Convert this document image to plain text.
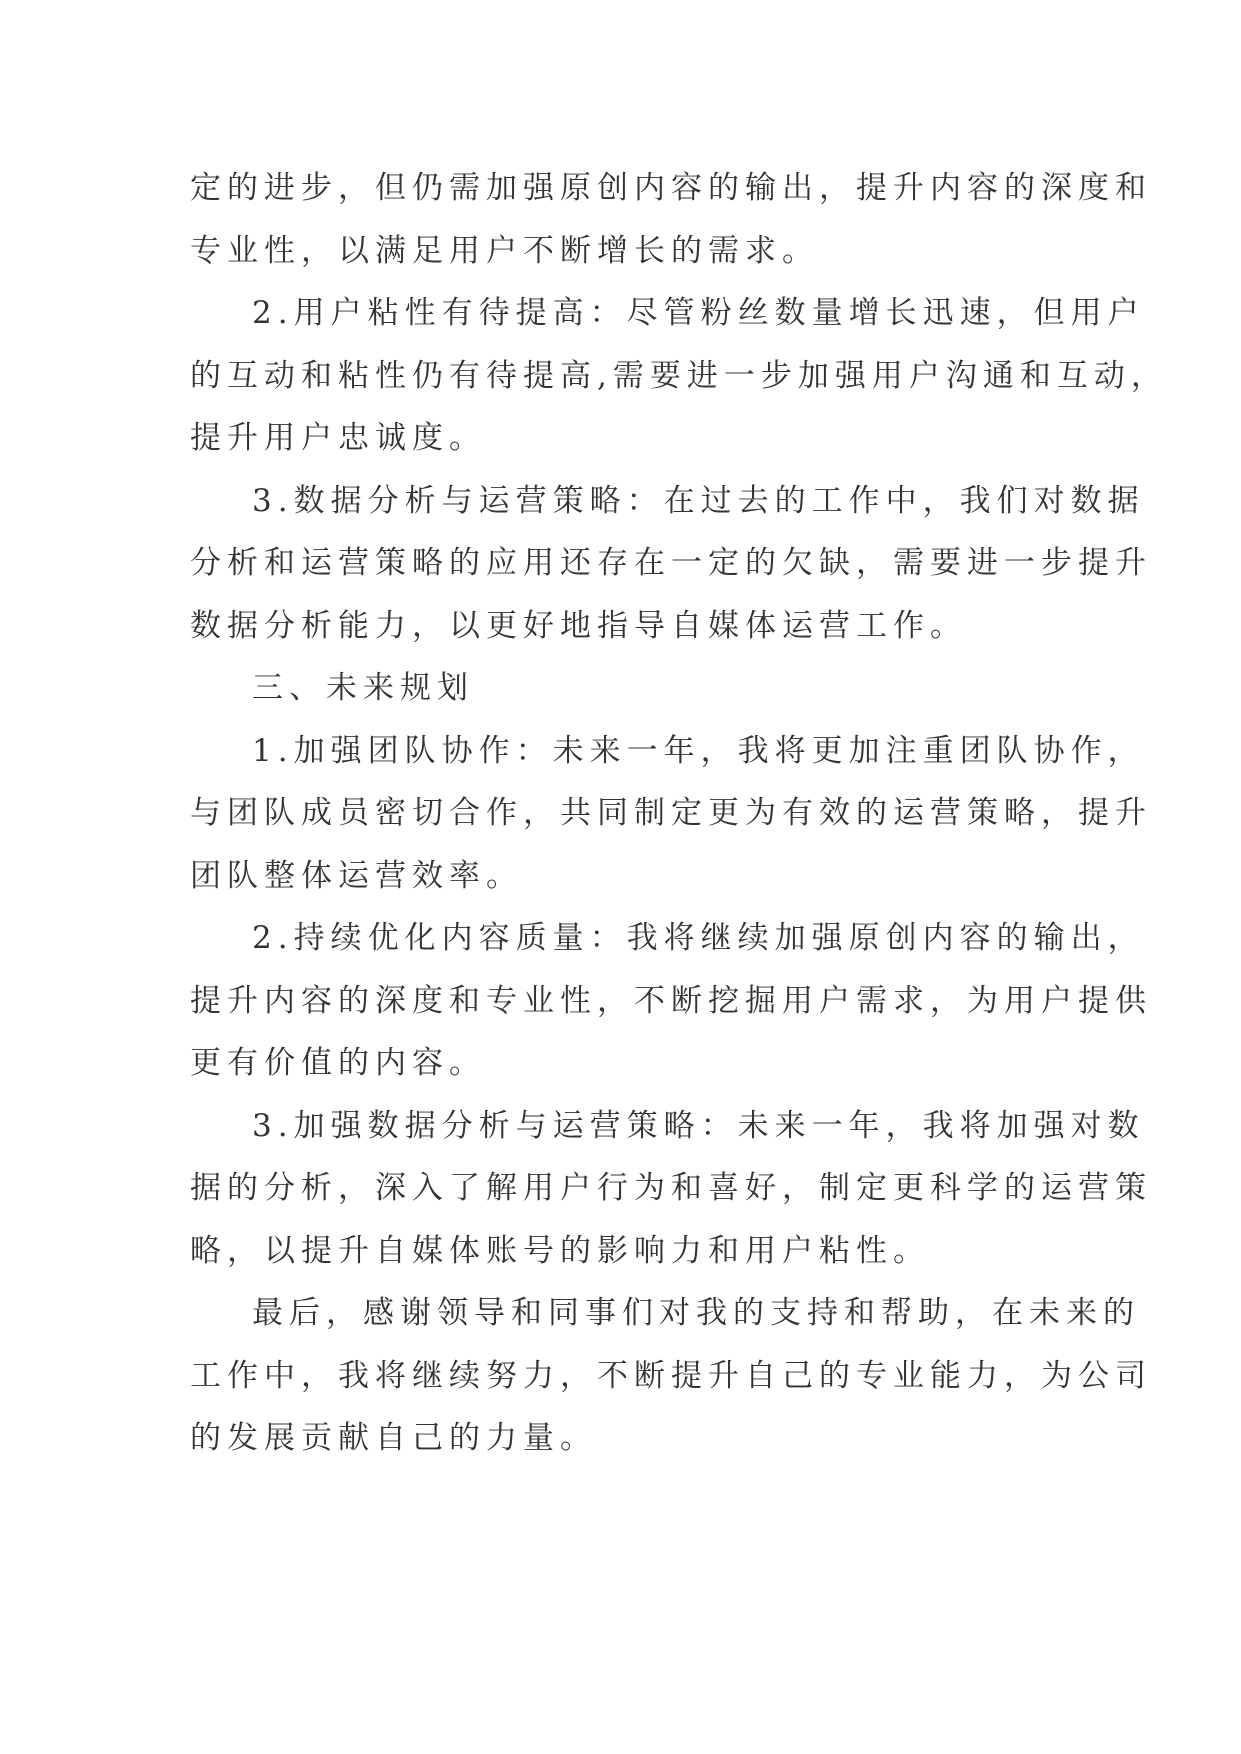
定的进步，但仍需加强原创内容的输出，提升内容的深度和

专业性，以满足用户不断增长的需求。

2.用户粘性有待提高：尽管粉丝数量增长迅速，但用户

的互动和粘性仍有待提高,需要进一步加强用户沟通和互动，

提升用户忠诚度。

3.数据分析与运营策略：在过去的工作中，我们对数据

分析和运营策略的应用还存在一定的欠缺，需要进一步提升

数据分析能力，以更好地指导自媒体运营工作。

三、未来规划

1.加强团队协作：未来一年，我将更加注重团队协作，

与团队成员密切合作，共同制定更为有效的运营策略，提升

团队整体运营效率。

2.持续优化内容质量：我将继续加强原创内容的输出，

提升内容的深度和专业性，不断挖掘用户需求，为用户提供

更有价值的内容。

3.加强数据分析与运营策略：未来一年，我将加强对数

据的分析，深入了解用户行为和喜好，制定更科学的运营策

略，以提升自媒体账号的影响力和用户粘性。

最后，感谢领导和同事们对我的支持和帮助，在未来的

工作中，我将继续努力，不断提升自己的专业能力，为公司

的发展贡献自己的力量。
